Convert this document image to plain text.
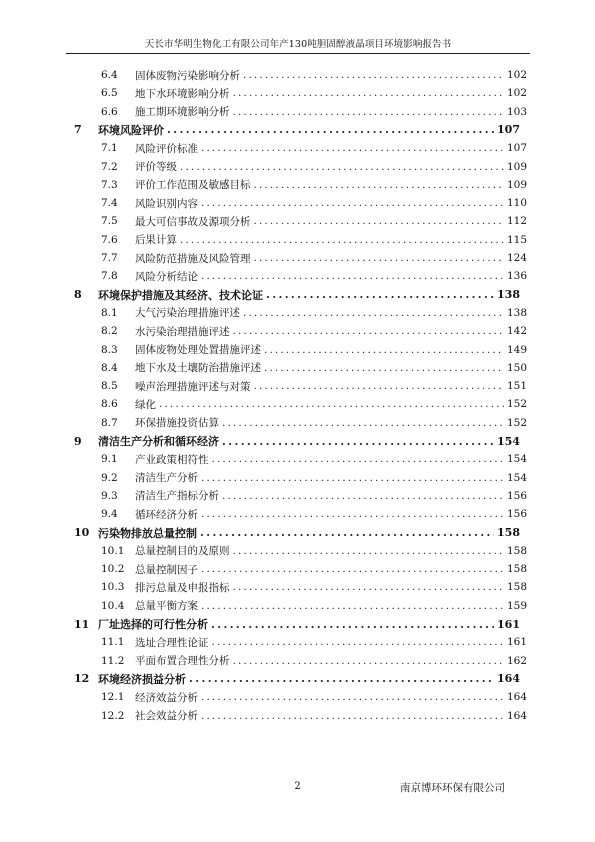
天长市华明生物化工有限公司年产130吨胆固醇液晶项目环境影响报告书
6.4	固体废物污染影响分析 .....	102
6.5	地下水环境影响分析 .....	102
6.6	施工期环境影响分析 .....	103
7	环境风险评价 .....	107
7.1	风险评价标准 .....	107
7.2	评价等级 .....	109
7.3	评价工作范围及敏感目标 .....	109
7.4	风险识别内容 .....	110
7.5	最大可信事故及源项分析 .....	112
7.6	后果计算 .....	115
7.7	风险防范措施及风险管理 .....	124
7.8	风险分析结论 .....	136
8	环境保护措施及其经济、技术论证 .....	138
8.1	大气污染治理措施评述 .....	138
8.2	水污染治理措施评述 .....	142
8.3	固体废物处理处置措施评述 .....	149
8.4	地下水及土壤防治措施评述 .....	150
8.5	噪声治理措施评述与对策 .....	151
8.6	绿化 .....	152
8.7	环保措施投资估算 .....	152
9	清洁生产分析和循环经济 .....	154
9.1	产业政策相符性 .....	154
9.2	清洁生产分析 .....	154
9.3	清洁生产指标分析 .....	156
9.4	循环经济分析 .....	156
10 污染物排放总量控制 .....	158
10.1	总量控制目的及原则 .....	158
10.2	总量控制因子 .....	158
10.3	排污总量及申报指标 .....	158
10.4	总量平衡方案 .....	159
11 厂址选择的可行性分析 .....	161
11.1	选址合理性论证 .....	161
11.2	平面布置合理性分析 .....	162
12 环境经济损益分析 .....	164
12.1	经济效益分析 .....	164
12.2	社会效益分析 .....	164
2	南京博环环保有限公司
